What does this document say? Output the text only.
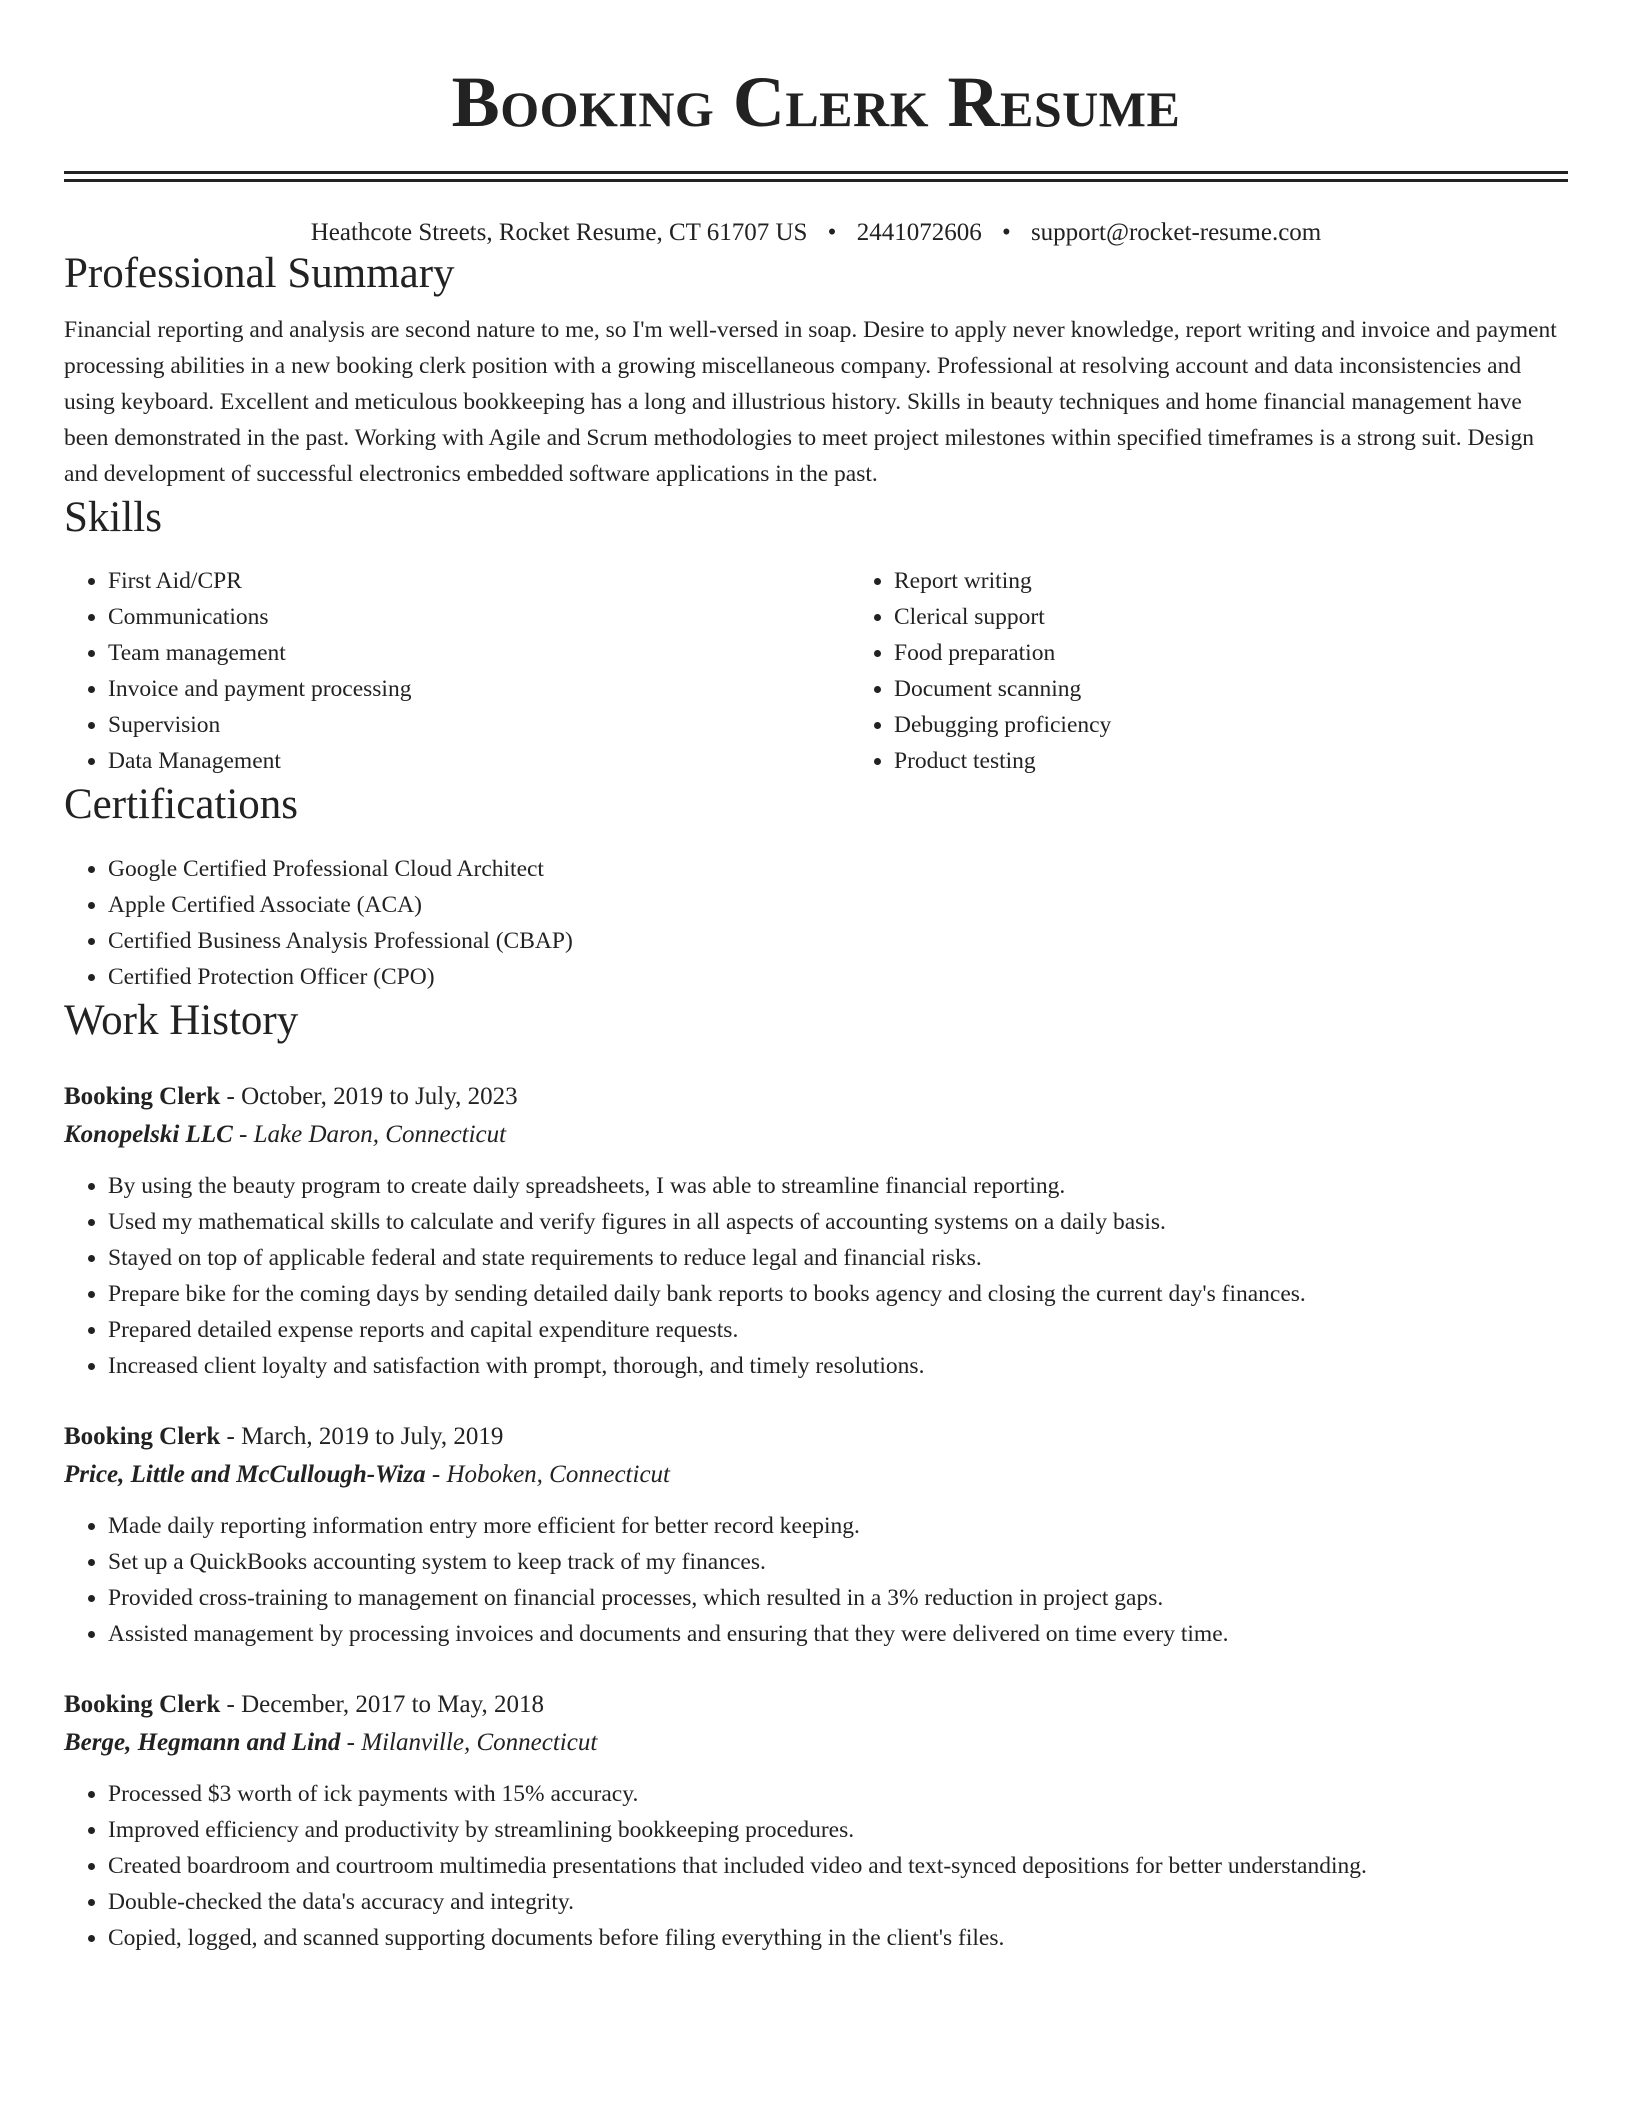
Booking Clerk Resume
Heathcote Streets, Rocket Resume, CT 61707 US • 2441072606 • support@rocket-resume.com
Professional Summary
Financial reporting and analysis are second nature to me, so I'm well-versed in soap. Desire to apply never knowledge, report writing and invoice and payment processing abilities in a new booking clerk position with a growing miscellaneous company. Professional at resolving account and data inconsistencies and using keyboard. Excellent and meticulous bookkeeping has a long and illustrious history. Skills in beauty techniques and home financial management have been demonstrated in the past. Working with Agile and Scrum methodologies to meet project milestones within specified timeframes is a strong suit. Design and development of successful electronics embedded software applications in the past.
Skills
• First Aid/CPR
• Communications
• Team management
• Invoice and payment processing
• Supervision
• Data Management
• Report writing
• Clerical support
• Food preparation
• Document scanning
• Debugging proficiency
• Product testing
Certifications
• Google Certified Professional Cloud Architect
• Apple Certified Associate (ACA)
• Certified Business Analysis Professional (CBAP)
• Certified Protection Officer (CPO)
Work History
Booking Clerk - October, 2019 to July, 2023
Konopelski LLC - Lake Daron, Connecticut
• By using the beauty program to create daily spreadsheets, I was able to streamline financial reporting.
• Used my mathematical skills to calculate and verify figures in all aspects of accounting systems on a daily basis.
• Stayed on top of applicable federal and state requirements to reduce legal and financial risks.
• Prepare bike for the coming days by sending detailed daily bank reports to books agency and closing the current day's finances.
• Prepared detailed expense reports and capital expenditure requests.
• Increased client loyalty and satisfaction with prompt, thorough, and timely resolutions.
Booking Clerk - March, 2019 to July, 2019
Price, Little and McCullough-Wiza - Hoboken, Connecticut
• Made daily reporting information entry more efficient for better record keeping.
• Set up a QuickBooks accounting system to keep track of my finances.
• Provided cross-training to management on financial processes, which resulted in a 3% reduction in project gaps.
• Assisted management by processing invoices and documents and ensuring that they were delivered on time every time.
Booking Clerk - December, 2017 to May, 2018
Berge, Hegmann and Lind - Milanville, Connecticut
• Processed $3 worth of ick payments with 15% accuracy.
• Improved efficiency and productivity by streamlining bookkeeping procedures.
• Created boardroom and courtroom multimedia presentations that included video and text-synced depositions for better understanding.
• Double-checked the data's accuracy and integrity.
• Copied, logged, and scanned supporting documents before filing everything in the client's files.
